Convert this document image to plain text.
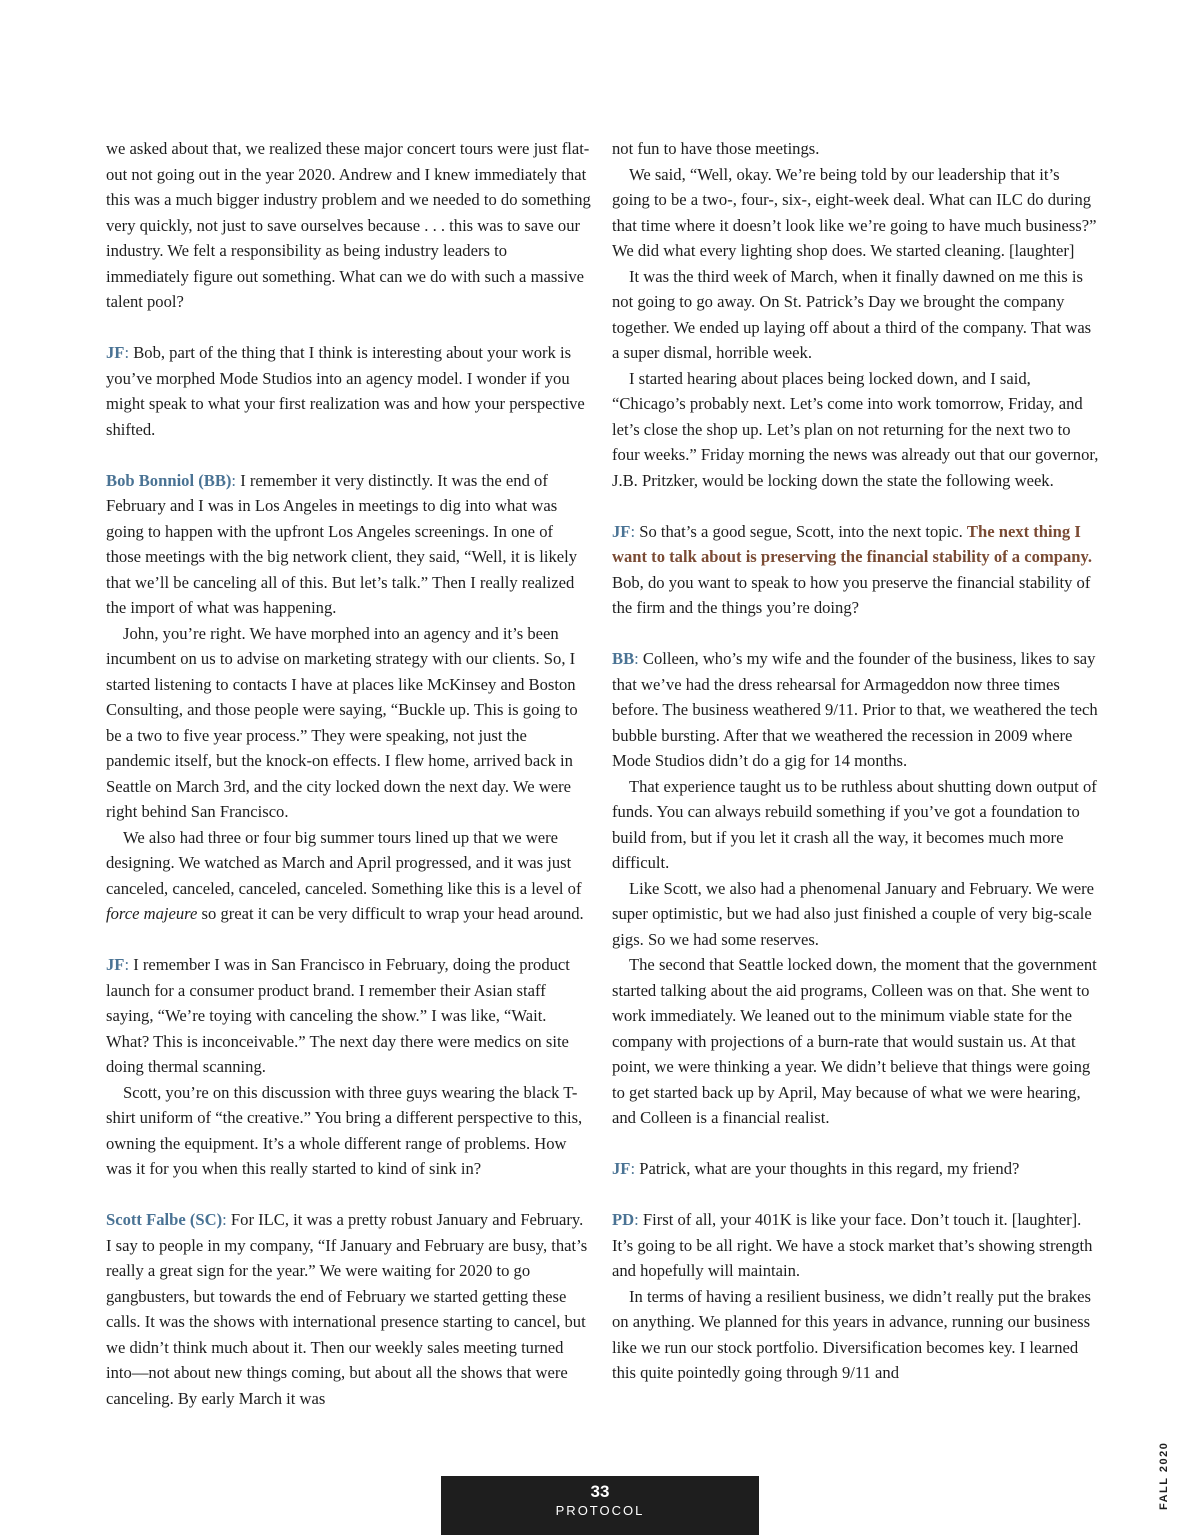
we asked about that, we realized these major concert tours were just flat-out not going out in the year 2020. Andrew and I knew immediately that this was a much bigger industry problem and we needed to do something very quickly, not just to save ourselves because . . . this was to save our industry. We felt a responsibility as being industry leaders to immediately figure out something. What can we do with such a massive talent pool?

JF: Bob, part of the thing that I think is interesting about your work is you’ve morphed Mode Studios into an agency model. I wonder if you might speak to what your first realization was and how your perspective shifted.

Bob Bonniol (BB): I remember it very distinctly. It was the end of February and I was in Los Angeles in meetings to dig into what was going to happen with the upfront Los Angeles screenings. In one of those meetings with the big network client, they said, “Well, it is likely that we’ll be canceling all of this. But let’s talk.” Then I really realized the import of what was happening.

John, you’re right. We have morphed into an agency and it’s been incumbent on us to advise on marketing strategy with our clients. So, I started listening to contacts I have at places like McKinsey and Boston Consulting, and those people were saying, “Buckle up. This is going to be a two to five year process.” They were speaking, not just the pandemic itself, but the knock-on effects. I flew home, arrived back in Seattle on March 3rd, and the city locked down the next day. We were right behind San Francisco.

We also had three or four big summer tours lined up that we were designing. We watched as March and April progressed, and it was just canceled, canceled, canceled, canceled. Something like this is a level of force majeure so great it can be very difficult to wrap your head around.

JF: I remember I was in San Francisco in February, doing the product launch for a consumer product brand. I remember their Asian staff saying, “We’re toying with canceling the show.” I was like, “Wait. What? This is inconceivable.” The next day there were medics on site doing thermal scanning.

Scott, you’re on this discussion with three guys wearing the black T-shirt uniform of “the creative.” You bring a different perspective to this, owning the equipment. It’s a whole different range of problems. How was it for you when this really started to kind of sink in?

Scott Falbe (SC): For ILC, it was a pretty robust January and February. I say to people in my company, “If January and February are busy, that’s really a great sign for the year.” We were waiting for 2020 to go gangbusters, but towards the end of February we started getting these calls. It was the shows with international presence starting to cancel, but we didn’t think much about it. Then our weekly sales meeting turned into—not about new things coming, but about all the shows that were canceling. By early March it was

not fun to have those meetings.

We said, “Well, okay. We’re being told by our leadership that it’s going to be a two-, four-, six-, eight-week deal. What can ILC do during that time where it doesn’t look like we’re going to have much business?” We did what every lighting shop does. We started cleaning. [laughter]

It was the third week of March, when it finally dawned on me this is not going to go away. On St. Patrick’s Day we brought the company together. We ended up laying off about a third of the company. That was a super dismal, horrible week.

I started hearing about places being locked down, and I said, “Chicago’s probably next. Let’s come into work tomorrow, Friday, and let’s close the shop up. Let’s plan on not returning for the next two to four weeks.” Friday morning the news was already out that our governor, J.B. Pritzker, would be locking down the state the following week.

JF: So that’s a good segue, Scott, into the next topic. The next thing I want to talk about is preserving the financial stability of a company. Bob, do you want to speak to how you preserve the financial stability of the firm and the things you’re doing?

BB: Colleen, who’s my wife and the founder of the business, likes to say that we’ve had the dress rehearsal for Armageddon now three times before. The business weathered 9/11. Prior to that, we weathered the tech bubble bursting. After that we weathered the recession in 2009 where Mode Studios didn’t do a gig for 14 months.

That experience taught us to be ruthless about shutting down output of funds. You can always rebuild something if you’ve got a foundation to build from, but if you let it crash all the way, it becomes much more difficult.

Like Scott, we also had a phenomenal January and February. We were super optimistic, but we had also just finished a couple of very big-scale gigs. So we had some reserves.

The second that Seattle locked down, the moment that the government started talking about the aid programs, Colleen was on that. She went to work immediately. We leaned out to the minimum viable state for the company with projections of a burn-rate that would sustain us. At that point, we were thinking a year. We didn’t believe that things were going to get started back up by April, May because of what we were hearing, and Colleen is a financial realist.

JF: Patrick, what are your thoughts in this regard, my friend?

PD: First of all, your 401K is like your face. Don’t touch it. [laughter]. It’s going to be all right. We have a stock market that’s showing strength and hopefully will maintain.

In terms of having a resilient business, we didn’t really put the brakes on anything. We planned for this years in advance, running our business like we run our stock portfolio. Diversification becomes key. I learned this quite pointedly going through 9/11 and

33
PROTOCOL
FALL 2020
